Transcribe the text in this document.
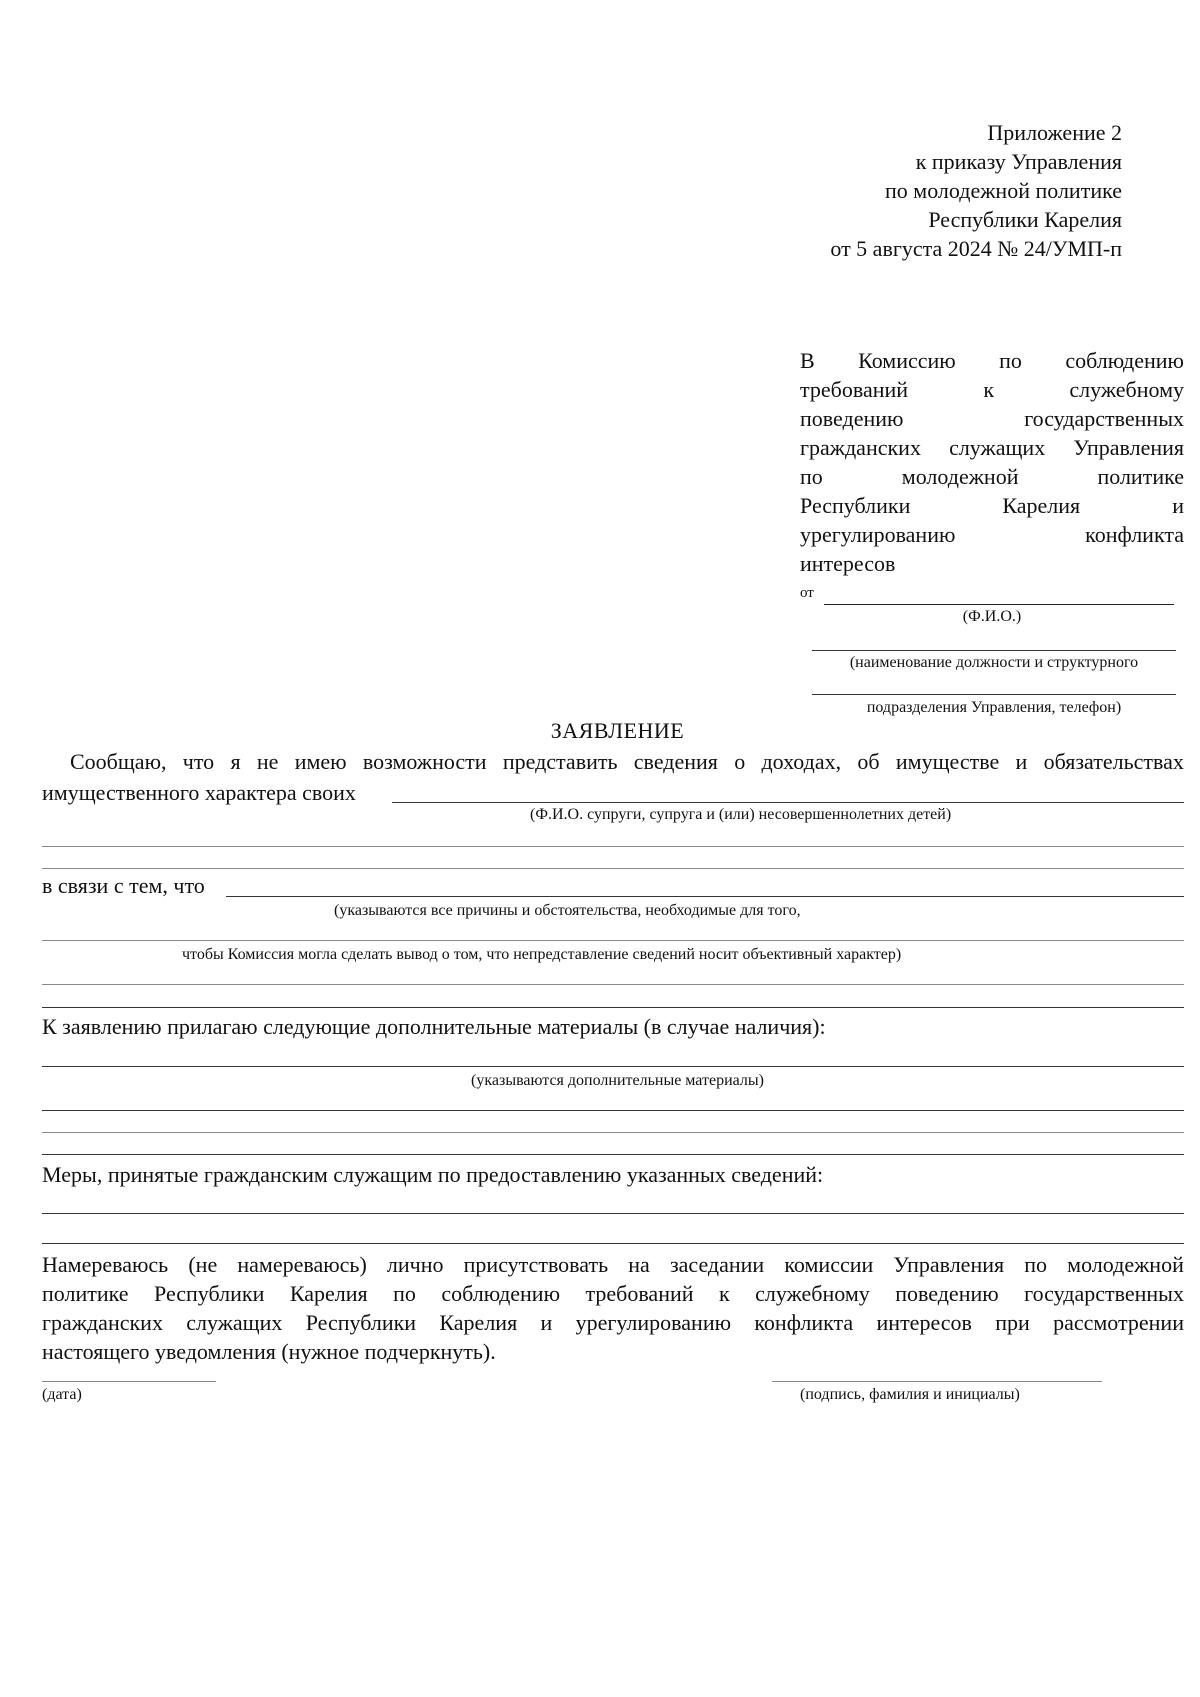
Приложение 2
к приказу Управления
по молодежной политике
Республики Карелия
от 5 августа 2024 № 24/УМП-п
В Комиссию по соблюдению
требований	к	служебному
поведению	государственных
гражданских служащих Управления
по	молодежной	политике
Республики	Карелия	и
урегулированию	конфликта
интересов
от
(Ф.И.О.)
(наименование должности и структурного
подразделения Управления, телефон)
ЗАЯВЛЕНИЕ
Сообщаю, что я не имею возможности представить сведения о доходах, об имуществе и обязательствах
имущественного характера своих
(Ф.И.О. супруги, супруга и (или) несовершеннолетних детей)
в связи с тем, что
(указываются все причины и обстоятельства, необходимые для того,
чтобы Комиссия могла сделать вывод о том, что непредставление сведений носит объективный характер)
К заявлению прилагаю следующие дополнительные материалы (в случае наличия):
(указываются дополнительные материалы)
Меры, принятые гражданским служащим по предоставлению указанных сведений:
Намереваюсь (не намереваюсь) лично присутствовать на заседании комиссии Управления по молодежной
политике Республики Карелия по соблюдению требований к служебному поведению государственных
гражданских служащих Республики Карелия и урегулированию конфликта интересов при рассмотрении
настоящего уведомления (нужное подчеркнуть).
(дата)	(подпись, фамилия и инициалы)
